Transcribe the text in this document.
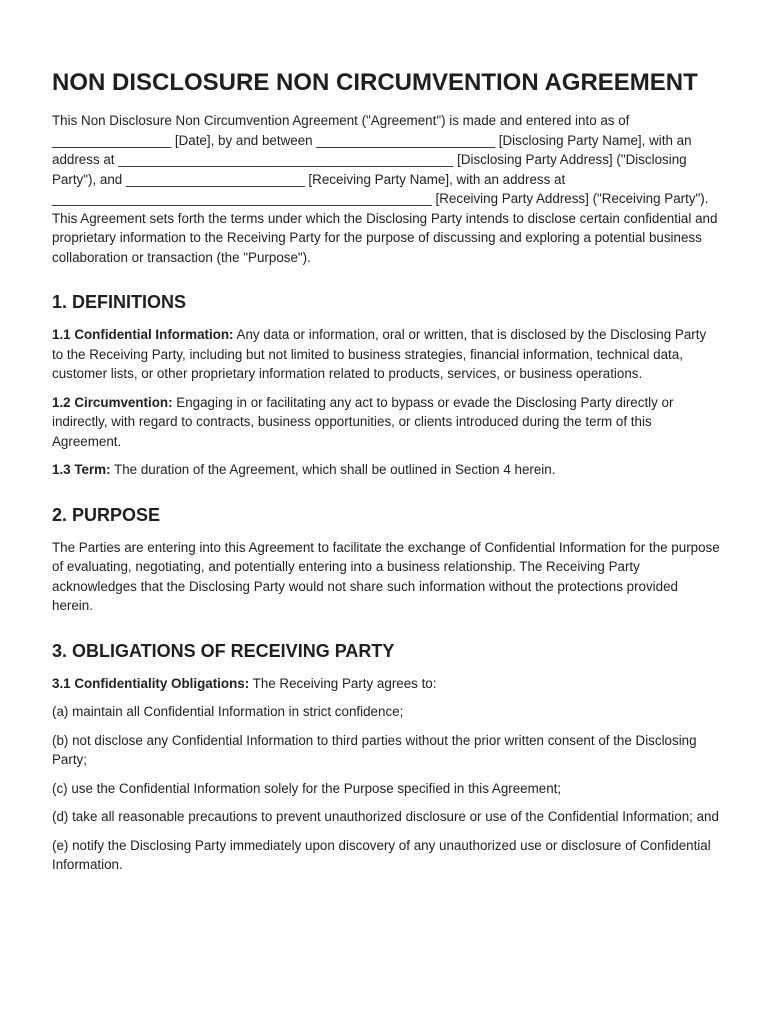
NON DISCLOSURE NON CIRCUMVENTION AGREEMENT

This Non Disclosure Non Circumvention Agreement ("Agreement") is made and entered into as of ________________ [Date], by and between ________________________ [Disclosing Party Name], with an address at _____________________________________________ [Disclosing Party Address] ("Disclosing Party"), and ________________________ [Receiving Party Name], with an address at ___________________________________________________ [Receiving Party Address] ("Receiving Party"). This Agreement sets forth the terms under which the Disclosing Party intends to disclose certain confidential and proprietary information to the Receiving Party for the purpose of discussing and exploring a potential business collaboration or transaction (the "Purpose").

1. DEFINITIONS

1.1 Confidential Information: Any data or information, oral or written, that is disclosed by the Disclosing Party to the Receiving Party, including but not limited to business strategies, financial information, technical data, customer lists, or other proprietary information related to products, services, or business operations.

1.2 Circumvention: Engaging in or facilitating any act to bypass or evade the Disclosing Party directly or indirectly, with regard to contracts, business opportunities, or clients introduced during the term of this Agreement.

1.3 Term: The duration of the Agreement, which shall be outlined in Section 4 herein.

2. PURPOSE

The Parties are entering into this Agreement to facilitate the exchange of Confidential Information for the purpose of evaluating, negotiating, and potentially entering into a business relationship. The Receiving Party acknowledges that the Disclosing Party would not share such information without the protections provided herein.

3. OBLIGATIONS OF RECEIVING PARTY

3.1 Confidentiality Obligations: The Receiving Party agrees to:

(a) maintain all Confidential Information in strict confidence;

(b) not disclose any Confidential Information to third parties without the prior written consent of the Disclosing Party;

(c) use the Confidential Information solely for the Purpose specified in this Agreement;

(d) take all reasonable precautions to prevent unauthorized disclosure or use of the Confidential Information; and

(e) notify the Disclosing Party immediately upon discovery of any unauthorized use or disclosure of Confidential Information.
